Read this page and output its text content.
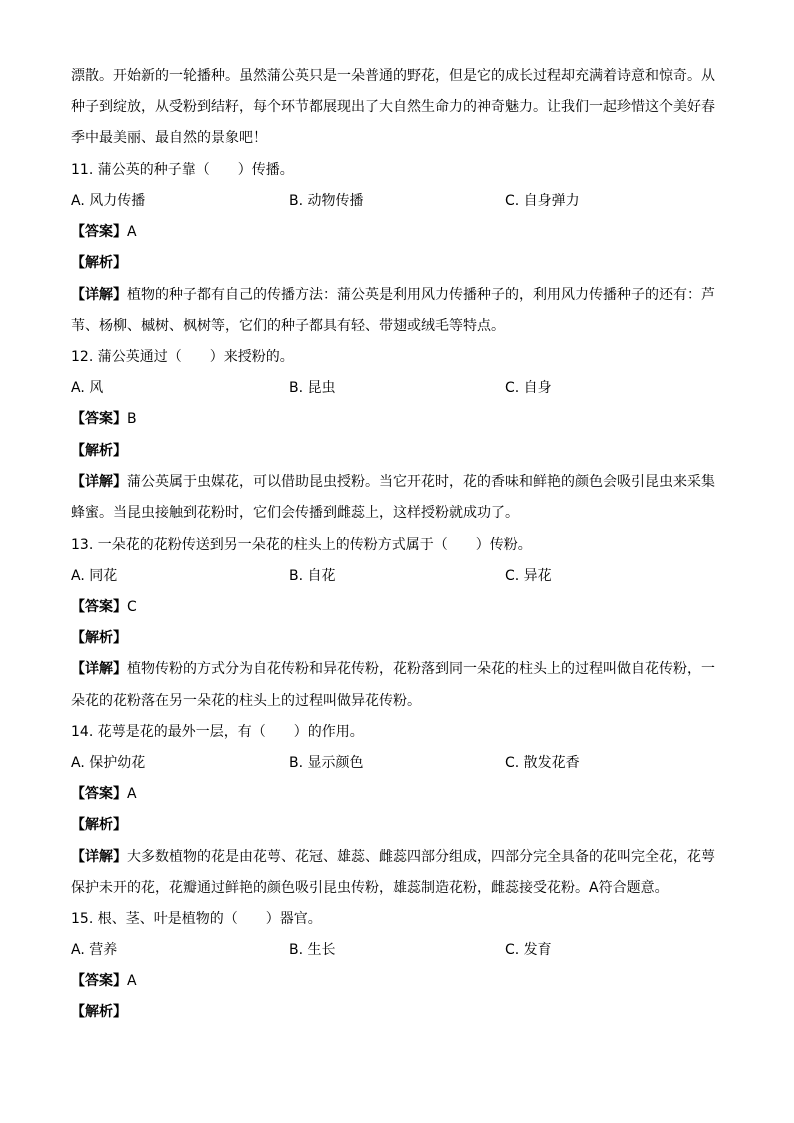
漂散。开始新的一轮播种。虽然蒲公英只是一朵普通的野花，但是它的成长过程却充满着诗意和惊奇。从
种子到绽放，从受粉到结籽，每个环节都展现出了大自然生命力的神奇魅力。让我们一起珍惜这个美好春
季中最美丽、最自然的景象吧！
11. 蒲公英的种子靠（　　）传播。
A. 风力传播	B. 动物传播	C. 自身弹力
【答案】A
【解析】
【详解】植物的种子都有自己的传播方法：蒲公英是利用风力传播种子的，利用风力传播种子的还有：芦
苇、杨柳、槭树、枫树等，它们的种子都具有轻、带翅或绒毛等特点。
12. 蒲公英通过（　　）来授粉的。
A. 风	B. 昆虫	C. 自身
【答案】B
【解析】
【详解】蒲公英属于虫媒花，可以借助昆虫授粉。当它开花时，花的香味和鲜艳的颜色会吸引昆虫来采集
蜂蜜。当昆虫接触到花粉时，它们会传播到雌蕊上，这样授粉就成功了。
13. 一朵花的花粉传送到另一朵花的柱头上的传粉方式属于（　　）传粉。
A. 同花	B. 自花	C. 异花
【答案】C
【解析】
【详解】植物传粉的方式分为自花传粉和异花传粉，花粉落到同一朵花的柱头上的过程叫做自花传粉，一
朵花的花粉落在另一朵花的柱头上的过程叫做异花传粉。
14. 花萼是花的最外一层，有（　　）的作用。
A. 保护幼花	B. 显示颜色	C. 散发花香
【答案】A
【解析】
【详解】大多数植物的花是由花萼、花冠、雄蕊、雌蕊四部分组成，四部分完全具备的花叫完全花，花萼
保护未开的花，花瓣通过鲜艳的颜色吸引昆虫传粉，雄蕊制造花粉，雌蕊接受花粉。A符合题意。
15. 根、茎、叶是植物的（　　）器官。
A. 营养	B. 生长	C. 发育
【答案】A
【解析】
